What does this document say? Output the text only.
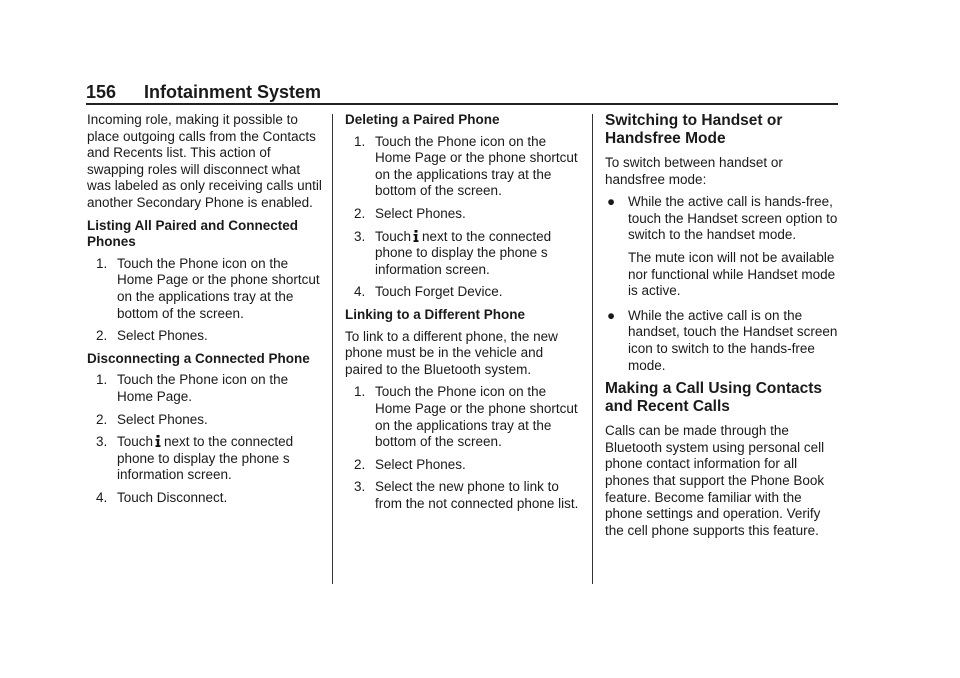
156 Infotainment System

Incoming role, making it possible to place outgoing calls from the Contacts and Recents list. This action of swapping roles will disconnect what was labeled as only receiving calls until another Secondary Phone is enabled.

Listing All Paired and Connected Phones

1. Touch the Phone icon on the Home Page or the phone shortcut on the applications tray at the bottom of the screen.
2. Select Phones.

Disconnecting a Connected Phone

1. Touch the Phone icon on the Home Page.
2. Select Phones.
3. Touch next to the connected phone to display the phone s information screen.
4. Touch Disconnect.

Deleting a Paired Phone

1. Touch the Phone icon on the Home Page or the phone shortcut on the applications tray at the bottom of the screen.
2. Select Phones.
3. Touch next to the connected phone to display the phone s information screen.
4. Touch Forget Device.

Linking to a Different Phone

To link to a different phone, the new phone must be in the vehicle and paired to the Bluetooth system.

1. Touch the Phone icon on the Home Page or the phone shortcut on the applications tray at the bottom of the screen.
2. Select Phones.
3. Select the new phone to link to from the not connected phone list.

Switching to Handset or Handsfree Mode

To switch between handset or handsfree mode:

● While the active call is hands-free, touch the Handset screen option to switch to the handset mode.

The mute icon will not be available nor functional while Handset mode is active.

● While the active call is on the handset, touch the Handset screen icon to switch to the hands-free mode.

Making a Call Using Contacts and Recent Calls

Calls can be made through the Bluetooth system using personal cell phone contact information for all phones that support the Phone Book feature. Become familiar with the phone settings and operation. Verify the cell phone supports this feature.
